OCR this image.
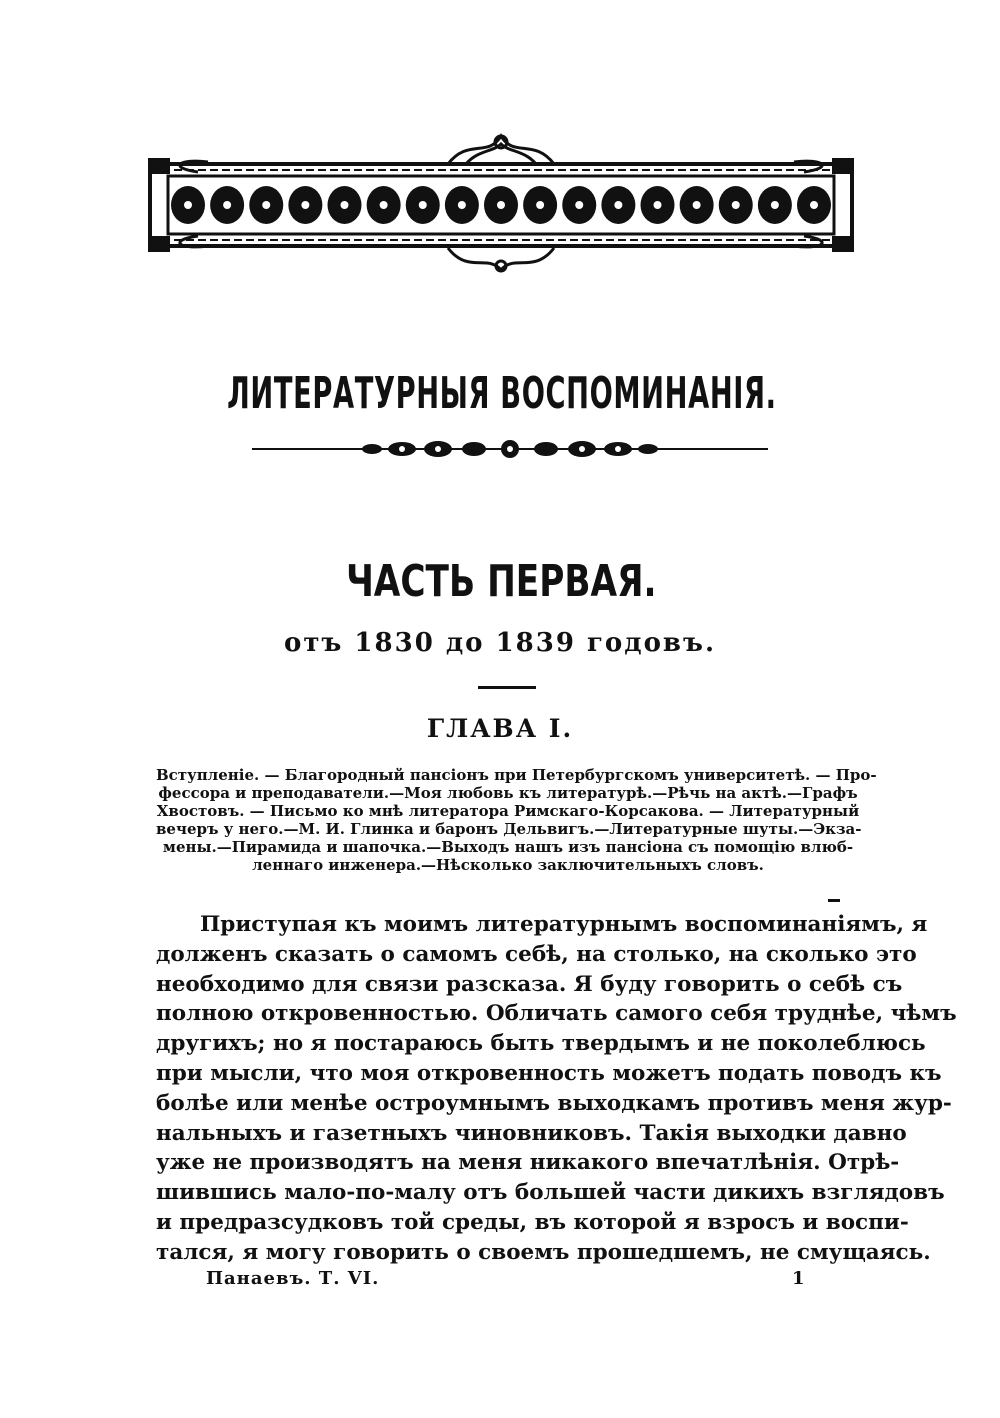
ЛИТЕРАТУРНЫЯ ВОСПОМИНАНІЯ.
ЧАСТЬ ПЕРВАЯ.
отъ 1830 до 1839 годовъ.
ГЛАВА I.
Вступленіе. — Благородный пансіонъ при Петербургскомъ университетѣ. — Про-
фессора и преподаватели.—Моя любовь къ литературѣ.—Рѣчь на актѣ.—Графъ
Хвостовъ. — Письмо ко мнѣ литератора Римскаго-Корсакова. — Литературный
вечеръ у него.—М. И. Глинка и баронъ Дельвигъ.—Литературные шуты.—Экза-
мены.—Пирамида и шапочка.—Выходъ нашъ изъ пансіона съ помощію влюб-
леннаго инженера.—Нѣсколько заключительныхъ словъ.
Приступая къ моимъ литературнымъ воспоминаніямъ, я
долженъ сказать о самомъ себѣ, на столько, на сколько это
необходимо для связи разсказа. Я буду говорить о себѣ съ
полною откровенностью. Обличать самого себя труднѣе, чѣмъ
другихъ; но я постараюсь быть твердымъ и не поколеблюсь
при мысли, что моя откровенность можетъ подать поводъ къ
болѣе или менѣе остроумнымъ выходкамъ противъ меня жур-
нальныхъ и газетныхъ чиновниковъ. Такія выходки давно
уже не производятъ на меня никакого впечатлѣнія. Отрѣ-
шившись мало-по-малу отъ большей части дикихъ взглядовъ
и предразсудковъ той среды, въ которой я взросъ и воспи-
тался, я могу говорить о своемъ прошедшемъ, не смущаясь.
Панаевъ. Т. VI.	1
